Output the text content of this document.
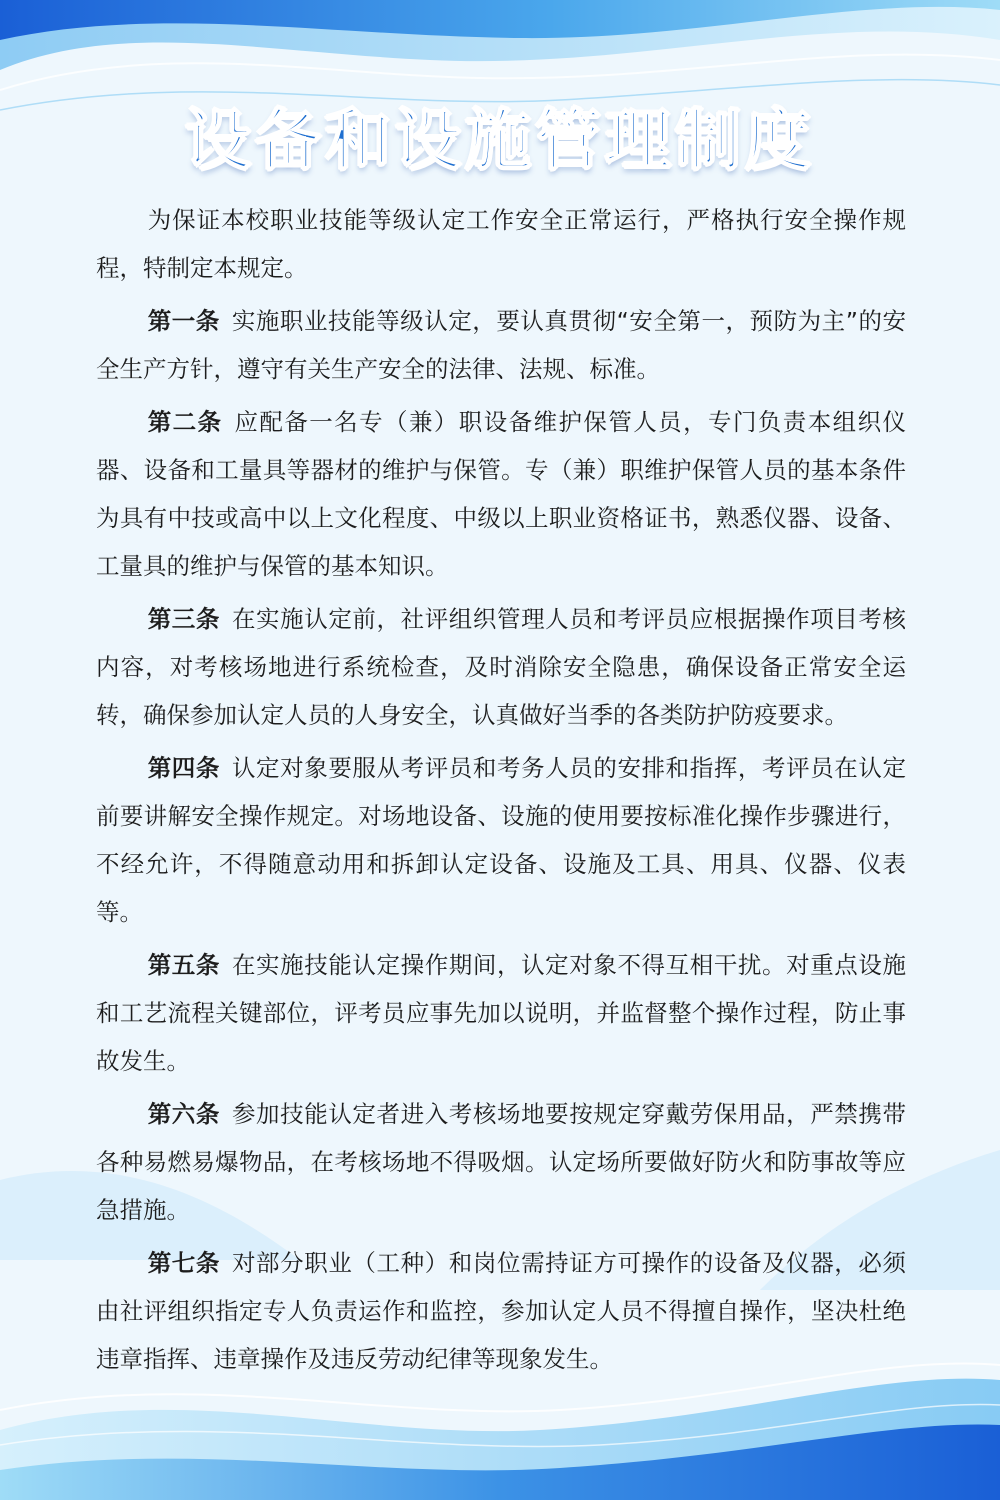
设备和设施管理制度

为保证本校职业技能等级认定工作安全正常运行，严格执行安全操作规程，特制定本规定。

第一条 实施职业技能等级认定，要认真贯彻“安全第一，预防为主”的安全生产方针，遵守有关生产安全的法律、法规、标准。

第二条 应配备一名专（兼）职设备维护保管人员，专门负责本组织仪器、设备和工量具等器材的维护与保管。专（兼）职维护保管人员的基本条件为具有中技或高中以上文化程度、中级以上职业资格证书，熟悉仪器、设备、工量具的维护与保管的基本知识。

第三条 在实施认定前，社评组织管理人员和考评员应根据操作项目考核内容，对考核场地进行系统检查，及时消除安全隐患，确保设备正常安全运转，确保参加认定人员的人身安全，认真做好当季的各类防护防疫要求。

第四条 认定对象要服从考评员和考务人员的安排和指挥，考评员在认定前要讲解安全操作规定。对场地设备、设施的使用要按标准化操作步骤进行，不经允许，不得随意动用和拆卸认定设备、设施及工具、用具、仪器、仪表等。

第五条 在实施技能认定操作期间，认定对象不得互相干扰。对重点设施和工艺流程关键部位，评考员应事先加以说明，并监督整个操作过程，防止事故发生。

第六条 参加技能认定者进入考核场地要按规定穿戴劳保用品，严禁携带各种易燃易爆物品，在考核场地不得吸烟。认定场所要做好防火和防事故等应急措施。

第七条 对部分职业（工种）和岗位需持证方可操作的设备及仪器，必须由社评组织指定专人负责运作和监控，参加认定人员不得擅自操作，坚决杜绝违章指挥、违章操作及违反劳动纪律等现象发生。
